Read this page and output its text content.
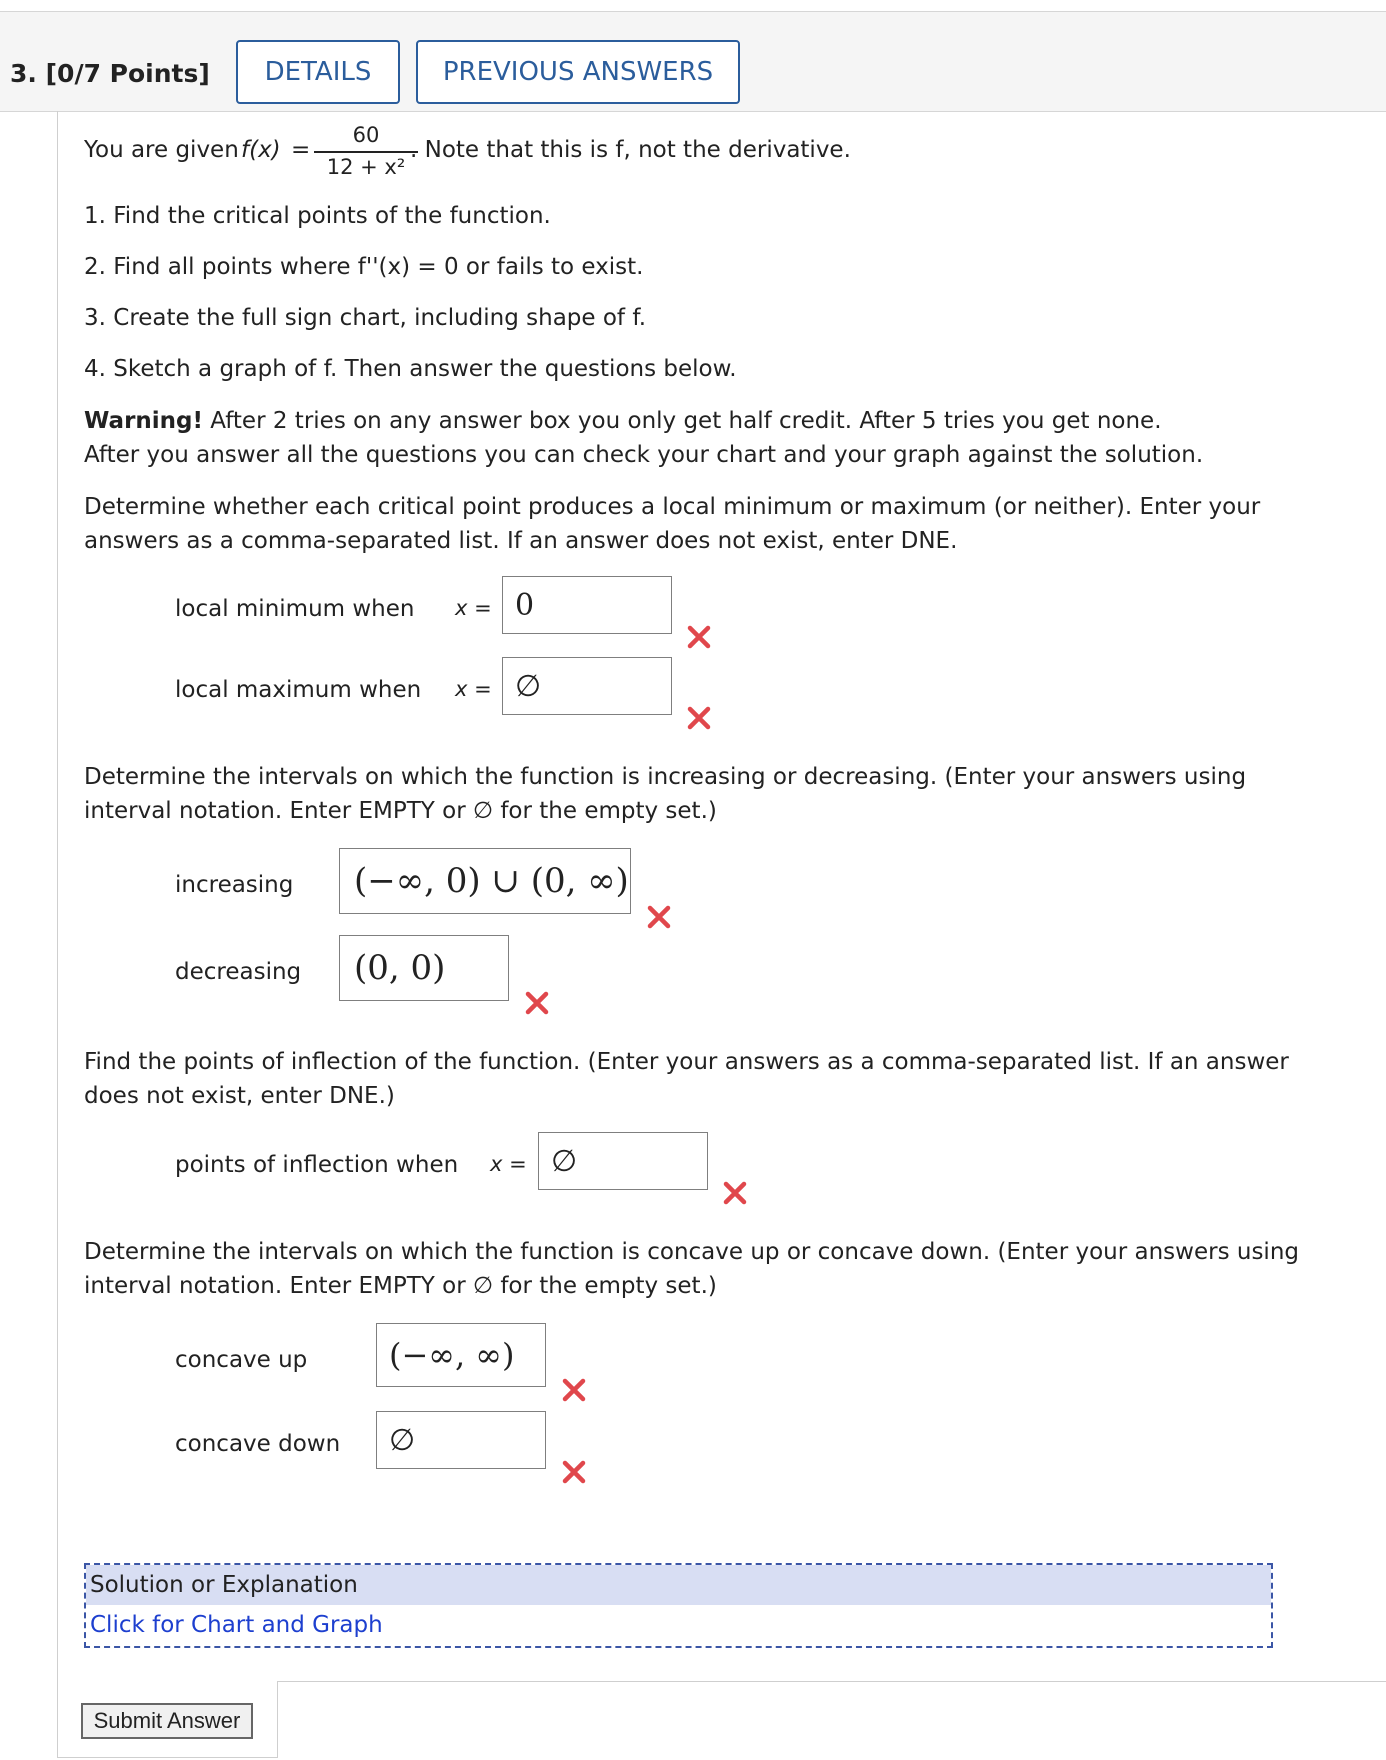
3. [0/7 Points]	DETAILS	PREVIOUS ANSWERS
You are given f(x) =
60
12 + x²
. Note that this is f, not the derivative.
1. Find the critical points of the function.
2. Find all points where f''(x) = 0 or fails to exist.
3. Create the full sign chart, including shape of f.
4. Sketch a graph of f. Then answer the questions below.
Warning! After 2 tries on any answer box you only get half credit. After 5 tries you get none.
After you answer all the questions you can check your chart and your graph against the solution.
Determine whether each critical point produces a local minimum or maximum (or neither). Enter your
answers as a comma-separated list. If an answer does not exist, enter DNE.
local minimum when x = 0
local maximum when x = ∅
Determine the intervals on which the function is increasing or decreasing. (Enter your answers using
interval notation. Enter EMPTY or ∅ for the empty set.)
increasing	(−∞, 0) ∪ (0, ∞)
decreasing	(0, 0)
Find the points of inflection of the function. (Enter your answers as a comma-separated list. If an answer
does not exist, enter DNE.)
points of inflection when x = ∅
Determine the intervals on which the function is concave up or concave down. (Enter your answers using
interval notation. Enter EMPTY or ∅ for the empty set.)
concave up	(−∞, ∞)
concave down	∅
Solution or Explanation
Click for Chart and Graph
Submit Answer
